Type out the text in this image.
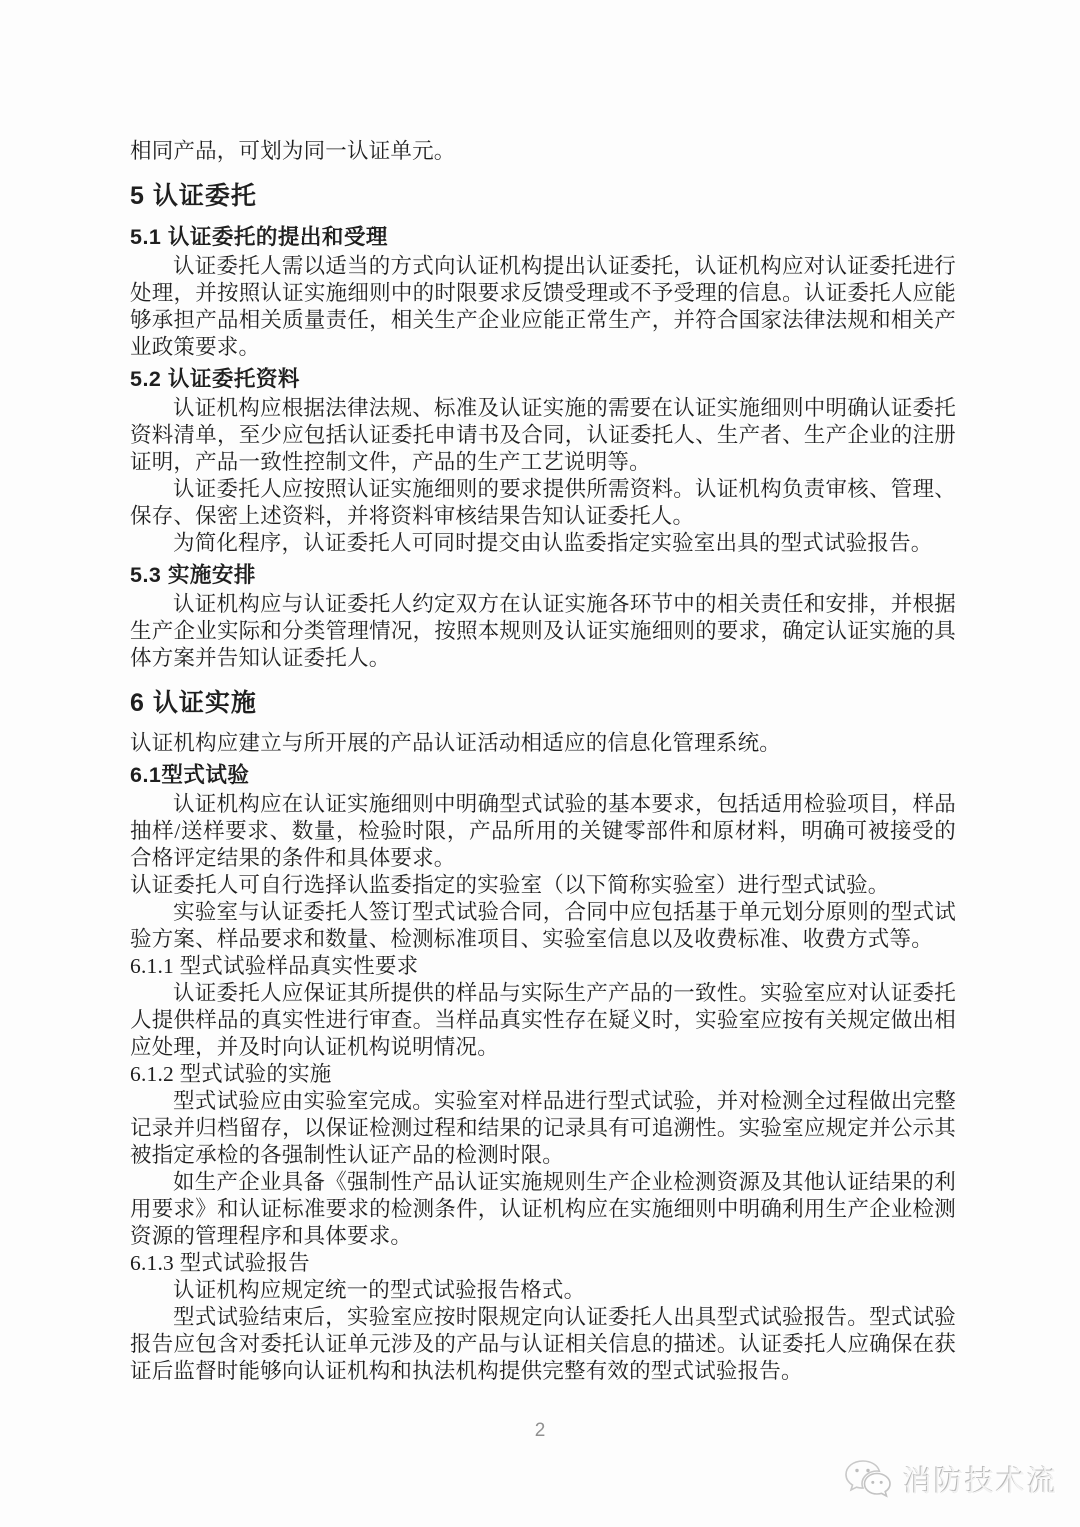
相同产品，可划为同一认证单元。

5 认证委托
5.1 认证委托的提出和受理

认证委托人需以适当的方式向认证机构提出认证委托，认证机构应对认证委托进行处理，并按照认证实施细则中的时限要求反馈受理或不予受理的信息。认证委托人应能够承担产品相关质量责任，相关生产企业应能正常生产，并符合国家法律法规和相关产业政策要求。

5.2 认证委托资料

认证机构应根据法律法规、标准及认证实施的需要在认证实施细则中明确认证委托资料清单，至少应包括认证委托申请书及合同，认证委托人、生产者、生产企业的注册证明，产品一致性控制文件，产品的生产工艺说明等。

认证委托人应按照认证实施细则的要求提供所需资料。认证机构负责审核、管理、保存、保密上述资料，并将资料审核结果告知认证委托人。

为简化程序，认证委托人可同时提交由认监委指定实验室出具的型式试验报告。

5.3 实施安排

认证机构应与认证委托人约定双方在认证实施各环节中的相关责任和安排，并根据生产企业实际和分类管理情况，按照本规则及认证实施细则的要求，确定认证实施的具体方案并告知认证委托人。

6 认证实施

认证机构应建立与所开展的产品认证活动相适应的信息化管理系统。

6.1型式试验

认证机构应在认证实施细则中明确型式试验的基本要求，包括适用检验项目，样品抽样/送样要求、数量，检验时限，产品所用的关键零部件和原材料，明确可被接受的合格评定结果的条件和具体要求。

认证委托人可自行选择认监委指定的实验室（以下简称实验室）进行型式试验。

实验室与认证委托人签订型式试验合同，合同中应包括基于单元划分原则的型式试验方案、样品要求和数量、检测标准项目、实验室信息以及收费标准、收费方式等。

6.1.1 型式试验样品真实性要求

认证委托人应保证其所提供的样品与实际生产产品的一致性。实验室应对认证委托人提供样品的真实性进行审查。当样品真实性存在疑义时，实验室应按有关规定做出相应处理，并及时向认证机构说明情况。

6.1.2 型式试验的实施

型式试验应由实验室完成。实验室对样品进行型式试验，并对检测全过程做出完整记录并归档留存，以保证检测过程和结果的记录具有可追溯性。实验室应规定并公示其被指定承检的各强制性认证产品的检测时限。

如生产企业具备《强制性产品认证实施规则生产企业检测资源及其他认证结果的利用要求》和认证标准要求的检测条件，认证机构应在实施细则中明确利用生产企业检测资源的管理程序和具体要求。

6.1.3 型式试验报告

认证机构应规定统一的型式试验报告格式。

型式试验结束后，实验室应按时限规定向认证委托人出具型式试验报告。型式试验报告应包含对委托认证单元涉及的产品与认证相关信息的描述。认证委托人应确保在获证后监督时能够向认证机构和执法机构提供完整有效的型式试验报告。

2
消防技术流
